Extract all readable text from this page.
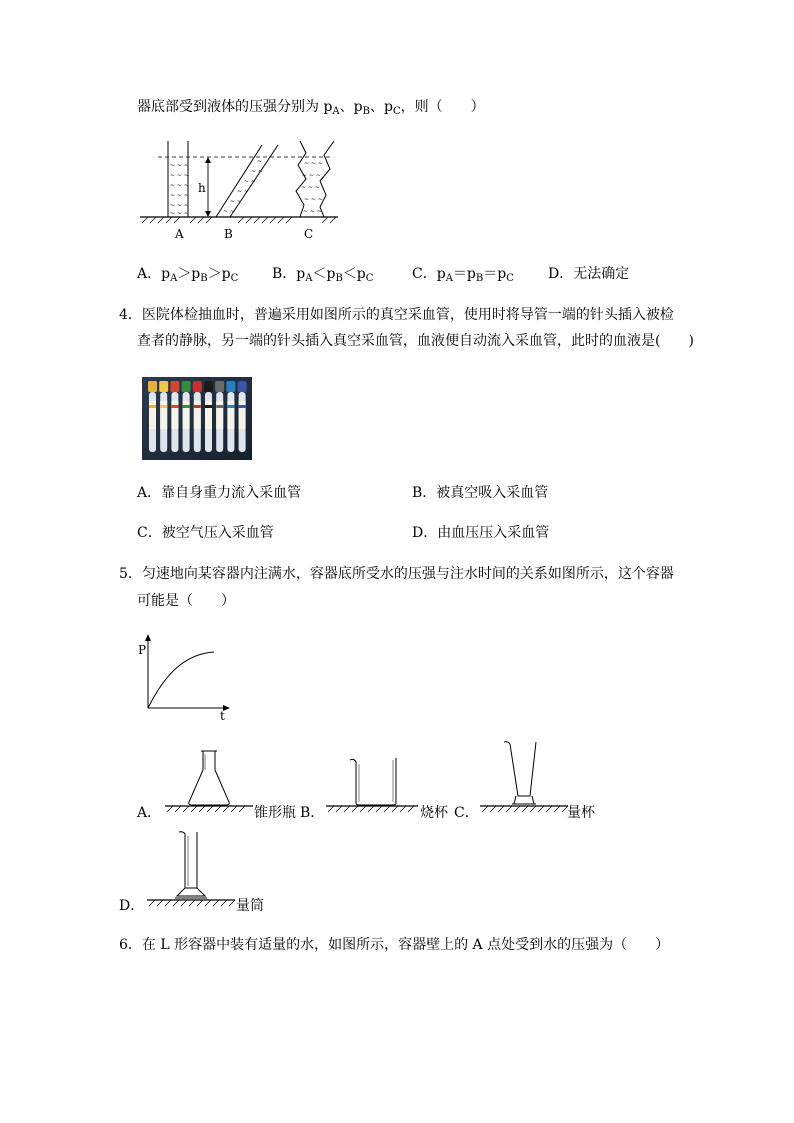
器底部受到液体的压强分别为 $p_A$、$p_B$、$p_C$，则（　　）
~ ~ ~
~ ~ ~
~ ~ ~
~ ~ ~
~ ~ ~
~ ~ ~
h
~ ~
~ ~
~ ~
~ ~
~ ~
~	~ ~ ~
~ ~ ~
~ ~ ~
~ ~ ~
~ ~ ~
A	B	C
A．$p_A>p_B>p_C$ B．$p_A<p_B<p_C$	C．$p_A=p_B=p_C$ D．无法确定
4．医院体检抽血时，普遍采用如图所示的真空采血管，使用时将导管一端的针头插入被检
查者的静脉，另一端的针头插入真空采血管，血液便自动流入采血管，此时的血液是(　　)
A．靠自身重力流入采血管	B．被真空吸入采血管
C．被空气压入采血管	D．由血压压入采血管
5．匀速地向某容器内注满水，容器底所受水的压强与注水时间的关系如图所示，这个容器
可能是（　　）
P
t
A．	锥形瓶 B．	烧杯 C．	量杯
D．	量筒
6．在 L 形容器中装有适量的水，如图所示，容器壁上的 A 点处受到水的压强为（　　）
